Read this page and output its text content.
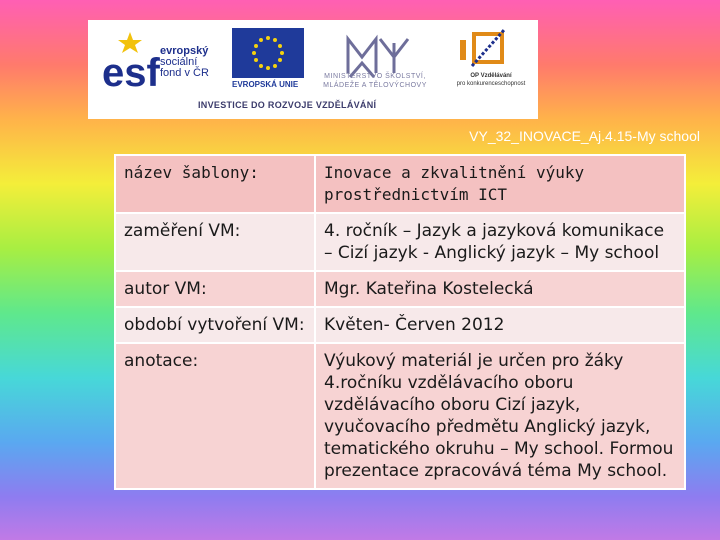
esf evropský
sociální
fond v ČR
EVROPSKÁ UNIE
MINISTERSTVO ŠKOLSTVÍ,
MLÁDEŽE A TĚLOVÝCHOVY
OP Vzdělávání
pro konkurenceschopnost
INVESTICE DO ROZVOJE VZDĚLÁVÁNÍ
VY_32_INOVACE_Aj.4.15-My school
název šablony:	Inovace a zkvalitnění výuky prostřednictvím ICT
zaměření VM:	4. ročník – Jazyk a jazyková komunikace – Cizí jazyk - Anglický jazyk – My school
autor VM:	Mgr. Kateřina Kostelecká
období vytvoření VM:	Květen- Červen 2012
anotace:	Výukový materiál je určen pro žáky 4.ročníku vzdělávacího oboru vzdělávacího oboru Cizí jazyk, vyučovacího předmětu Anglický jazyk, tematického okruhu – My school. Formou prezentace zpracovává téma My school.
